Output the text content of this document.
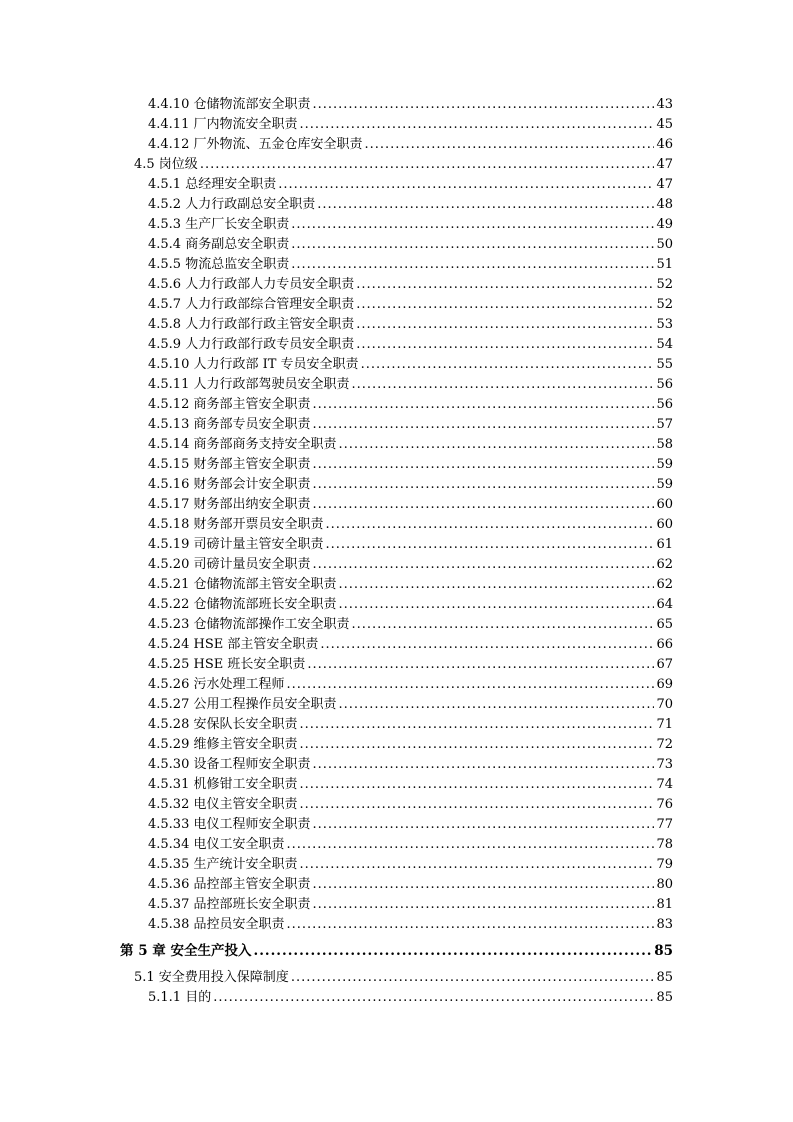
4.4.10 仓储物流部安全职责 .....	43
4.4.11 厂内物流安全职责 .....	45
4.4.12 厂外物流、五金仓库安全职责 .....	46
4.5 岗位级 .....	47
4.5.1 总经理安全职责 .....	47
4.5.2 人力行政副总安全职责 .....	48
4.5.3 生产厂长安全职责 .....	49
4.5.4 商务副总安全职责 .....	50
4.5.5 物流总监安全职责 .....	51
4.5.6 人力行政部人力专员安全职责 .....	52
4.5.7 人力行政部综合管理安全职责 .....	52
4.5.8 人力行政部行政主管安全职责 .....	53
4.5.9 人力行政部行政专员安全职责 .....	54
4.5.10 人力行政部 IT 专员安全职责 .....	55
4.5.11 人力行政部驾驶员安全职责 .....	56
4.5.12 商务部主管安全职责 .....	56
4.5.13 商务部专员安全职责 .....	57
4.5.14 商务部商务支持安全职责 .....	58
4.5.15 财务部主管安全职责 .....	59
4.5.16 财务部会计安全职责 .....	59
4.5.17 财务部出纳安全职责 .....	60
4.5.18 财务部开票员安全职责 .....	60
4.5.19 司磅计量主管安全职责 .....	61
4.5.20 司磅计量员安全职责 .....	62
4.5.21 仓储物流部主管安全职责 .....	62
4.5.22 仓储物流部班长安全职责 .....	64
4.5.23 仓储物流部操作工安全职责 .....	65
4.5.24 HSE 部主管安全职责 .....	66
4.5.25 HSE 班长安全职责 .....	67
4.5.26 污水处理工程师 .....	69
4.5.27 公用工程操作员安全职责 .....	70
4.5.28 安保队长安全职责 .....	71
4.5.29 维修主管安全职责 .....	72
4.5.30 设备工程师安全职责 .....	73
4.5.31 机修钳工安全职责 .....	74
4.5.32 电仪主管安全职责 .....	76
4.5.33 电仪工程师安全职责 .....	77
4.5.34 电仪工安全职责 .....	78
4.5.35 生产统计安全职责 .....	79
4.5.36 品控部主管安全职责 .....	80
4.5.37 品控部班长安全职责 .....	81
4.5.38 品控员安全职责 .....	83
第 5 章 安全生产投入 .....	85
5.1 安全费用投入保障制度 .....	85
5.1.1 目的 .....	85
